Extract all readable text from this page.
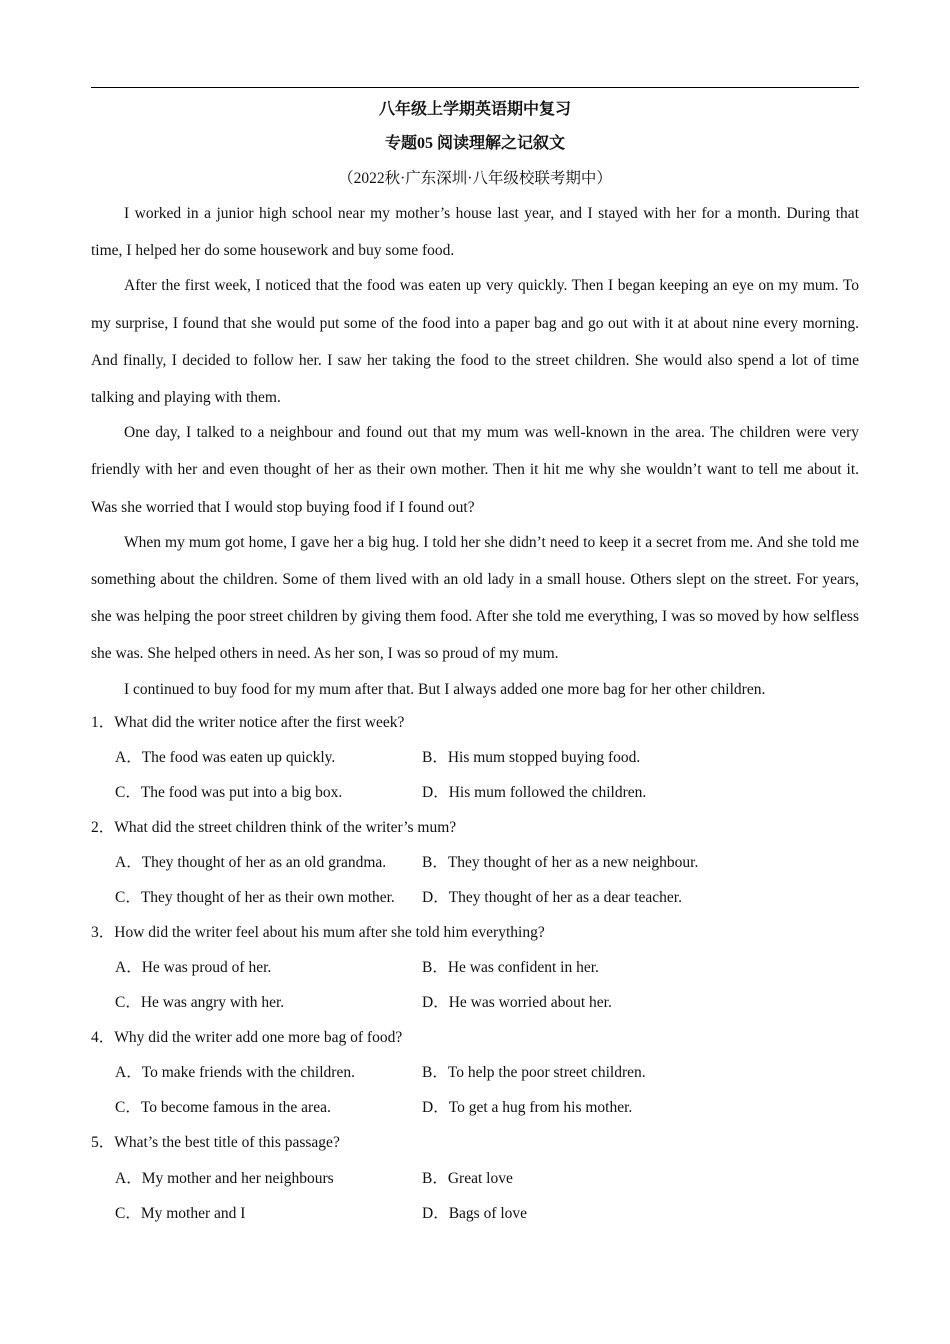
八年级上学期英语期中复习
专题05 阅读理解之记叙文
（2022秋·广东深圳·八年级校联考期中）

I worked in a junior high school near my mother’s house last year, and I stayed with her for a month. During that time, I helped her do some housework and buy some food.

After the first week, I noticed that the food was eaten up very quickly. Then I began keeping an eye on my mum. To my surprise, I found that she would put some of the food into a paper bag and go out with it at about nine every morning. And finally, I decided to follow her. I saw her taking the food to the street children. She would also spend a lot of time talking and playing with them.

One day, I talked to a neighbour and found out that my mum was well-known in the area. The children were very friendly with her and even thought of her as their own mother. Then it hit me why she wouldn’t want to tell me about it. Was she worried that I would stop buying food if I found out?

When my mum got home, I gave her a big hug. I told her she didn’t need to keep it a secret from me. And she told me something about the children. Some of them lived with an old lady in a small house. Others slept on the street. For years, she was helping the poor street children by giving them food. After she told me everything, I was so moved by how selfless she was. She helped others in need. As her son, I was so proud of my mum.

I continued to buy food for my mum after that. But I always added one more bag for her other children.

1．What did the writer notice after the first week?
A．The food was eaten up quickly.	B．His mum stopped buying food.
C．The food was put into a big box.	D．His mum followed the children.
2．What did the street children think of the writer’s mum?
A．They thought of her as an old grandma. B．They thought of her as a new neighbour.
C．They thought of her as their own mother. D．They thought of her as a dear teacher.
3．How did the writer feel about his mum after she told him everything?
A．He was proud of her.	B．He was confident in her.
C．He was angry with her.	D．He was worried about her.
4．Why did the writer add one more bag of food?
A．To make friends with the children.	B．To help the poor street children.
C．To become famous in the area.	D．To get a hug from his mother.
5．What’s the best title of this passage?
A．My mother and her neighbours	B．Great love
C．My mother and I	D．Bags of love
